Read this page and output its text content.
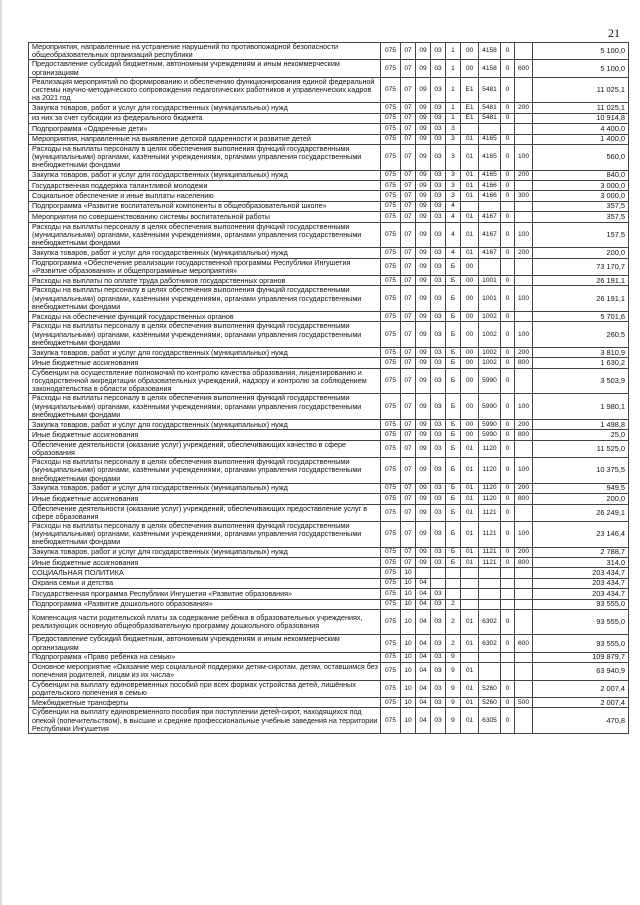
21
Мероприятия, направленные на устранение нарушений по противопожарной безопасности общеобразовательных организаций республики	075	07	09	03	1	00	4158	0		5 100,0
Предоставление субсидий бюджетным, автономным учреждениям и иным некоммерческим организациям	075	07	09	03	1	00	4158	0	600	5 100,0
Реализация мероприятий по формированию и обеспечению функционирования единой федеральной системы научно-методического сопровождения педагогических работников и управленческих кадров на 2021 год	075	07	09	03	1	E1	5481	0		11 025,1
Закупка товаров, работ и услуг для государственных (муниципальных) нужд	075	07	09	03	1	E1	5481	0	200	11 025,1
из них за счет субсидии из федерального бюджета	075	07	09	03	1	E1	5481	0		10 914,8
Подпрограмма «Одаренные дети»	075	07	09	03	3					4 400,0
Мероприятия, направленные на выявление детской одаренности и развитие детей	075	07	09	03	3	01	4165	0		1 400,0
Расходы на выплаты персоналу в целях обеспечения выполнения функций государственными (муниципальными) органами, казёнными учреждениями, органами управления государственными внебюджетными фондами	075	07	09	03	3	01	4165	0	100	560,0
Закупка товаров, работ и услуг для государственных (муниципальных) нужд	075	07	09	03	3	01	4165	0	200	840,0
Государственная поддержка талантливой молодежи	075	07	09	03	3	01	4166	0		3 000,0
Социальное обеспечение и иные выплаты населению	075	07	09	03	3	01	4166	0	300	3 000,0
Подпрограмма «Развитие воспитательной компоненты в общеобразовательной школе»	075	07	09	03	4					357,5
Мероприятия по совершенствованию системы воспитательной работы	075	07	09	03	4	01	4167	0		357,5
Расходы на выплаты персоналу в целях обеспечения выполнения функций государственными (муниципальными) органами, казёнными учреждениями, органами управления государственными внебюджетными фондами	075	07	09	03	4	01	4167	0	100	157,5
Закупка товаров, работ и услуг для государственных (муниципальных) нужд	075	07	09	03	4	01	4167	0	200	200,0
Подпрограмма «Обеспечение реализации государственной программы Республики Ингушетия «Развитие образования» и общепрограммные мероприятия»	075	07	09	03	Б	00				73 170,7
Расходы на выплаты по оплате труда работников государственных органов	075	07	09	03	Б	00	1001	0		26 191,1
Расходы на выплаты персоналу в целях обеспечения выполнения функций государственными (муниципальными) органами, казёнными учреждениями, органами управления государственными внебюджетными фондами	075	07	09	03	Б	00	1001	0	100	26 191,1
Расходы на обеспечение функций государственных органов	075	07	09	03	Б	00	1002	0		5 701,6
Расходы на выплаты персоналу в целях обеспечения выполнения функций государственными (муниципальными) органами, казёнными учреждениями, органами управления государственными внебюджетными фондами	075	07	09	03	Б	00	1002	0	100	260,5
Закупка товаров, работ и услуг для государственных (муниципальных) нужд	075	07	09	03	Б	00	1002	0	200	3 810,9
Иные бюджетные ассигнования	075	07	09	03	Б	00	1002	0	800	1 630,2
Субвенции на осуществление полномочий по контролю качества образования, лицензированию и государственной аккредитации образовательных учреждений, надзору и контролю за соблюдением законодательства в области образования	075	07	09	03	Б	00	5990	0		3 503,9
Расходы на выплаты персоналу в целях обеспечения выполнения функций государственными (муниципальными) органами, казёнными учреждениями, органами управления государственными внебюджетными фондами	075	07	09	03	Б	00	5990	0	100	1 980,1
Закупка товаров, работ и услуг для государственных (муниципальных) нужд	075	07	09	03	Б	00	5990	0	200	1 498,8
Иные бюджетные ассигнования	075	07	09	03	Б	00	5990	0	800	25,0
Обеспечение деятельности (оказание услуг) учреждений, обеспечивающих качество в сфере образования	075	07	09	03	Б	01	1120	0		11 525,0
Расходы на выплаты персоналу в целях обеспечения выполнения функций государственными (муниципальными) органами, казёнными учреждениями, органами управления государственными внебюджетными фондами	075	07	09	03	Б	01	1120	0	100	10 375,5
Закупка товаров, работ и услуг для государственных (муниципальных) нужд	075	07	09	03	Б	01	1120	0	200	949,5
Иные бюджетные ассигнования	075	07	09	03	Б	01	1120	0	800	200,0
Обеспечение деятельности (оказание услуг) учреждений, обеспечивающих предоставление услуг в сфере образования	075	07	09	03	Б	01	1121	0		26 249,1
Расходы на выплаты персоналу в целях обеспечения выполнения функций государственными (муниципальными) органами, казёнными учреждениями, органами управления государственными внебюджетными фондами	075	07	09	03	Б	01	1121	0	100	23 146,4
Закупка товаров, работ и услуг для государственных (муниципальных) нужд	075	07	09	03	Б	01	1121	0	200	2 788,7
Иные бюджетные ассигнования	075	07	09	03	Б	01	1121	0	800	314,0
СОЦИАЛЬНАЯ ПОЛИТИКА	075	10								203 434,7
Охрана семьи и детства	075	10	04							203 434,7
Государственная программа Республики Ингушетия «Развитие образования»	075	10	04	03						203 434,7
Подпрограмма «Развитие дошкольного образования»	075	10	04	03	2					93 555,0
Компенсация части родительской платы за содержание ребёнка в образовательных учреждениях, реализующих основную общеобразовательную программу дошкольного образования	075	10	04	03	2	01	6302	0		93 555,0
Предоставление субсидий бюджетным, автономным учреждениям и иным некоммерческим организациям	075	10	04	03	2	01	6302	0	600	93 555,0
Подпрограмма «Право ребёнка на семью»	075	10	04	03	9					109 879,7
Основное мероприятие «Оказание мер социальной поддержки детям-сиротам, детям, оставшимся без попечения родителей, лицам из их числа»	075	10	04	03	9	01				63 940,9
Субвенции на выплату единовременных пособий при всех формах устройства детей, лишённых родительского попечения в семью	075	10	04	03	9	01	5260	0		2 007,4
Межбюджетные трансферты	075	10	04	03	9	01	5260	0	500	2 007,4
Субвенции на выплату единовременного пособия при поступлении детей-сирот, находящихся под опекой (попечительством), в высшие и средние профессиональные учебные заведения на территории Республики Ингушетия	075	10	04	03	9	01	6305	0		470,8
